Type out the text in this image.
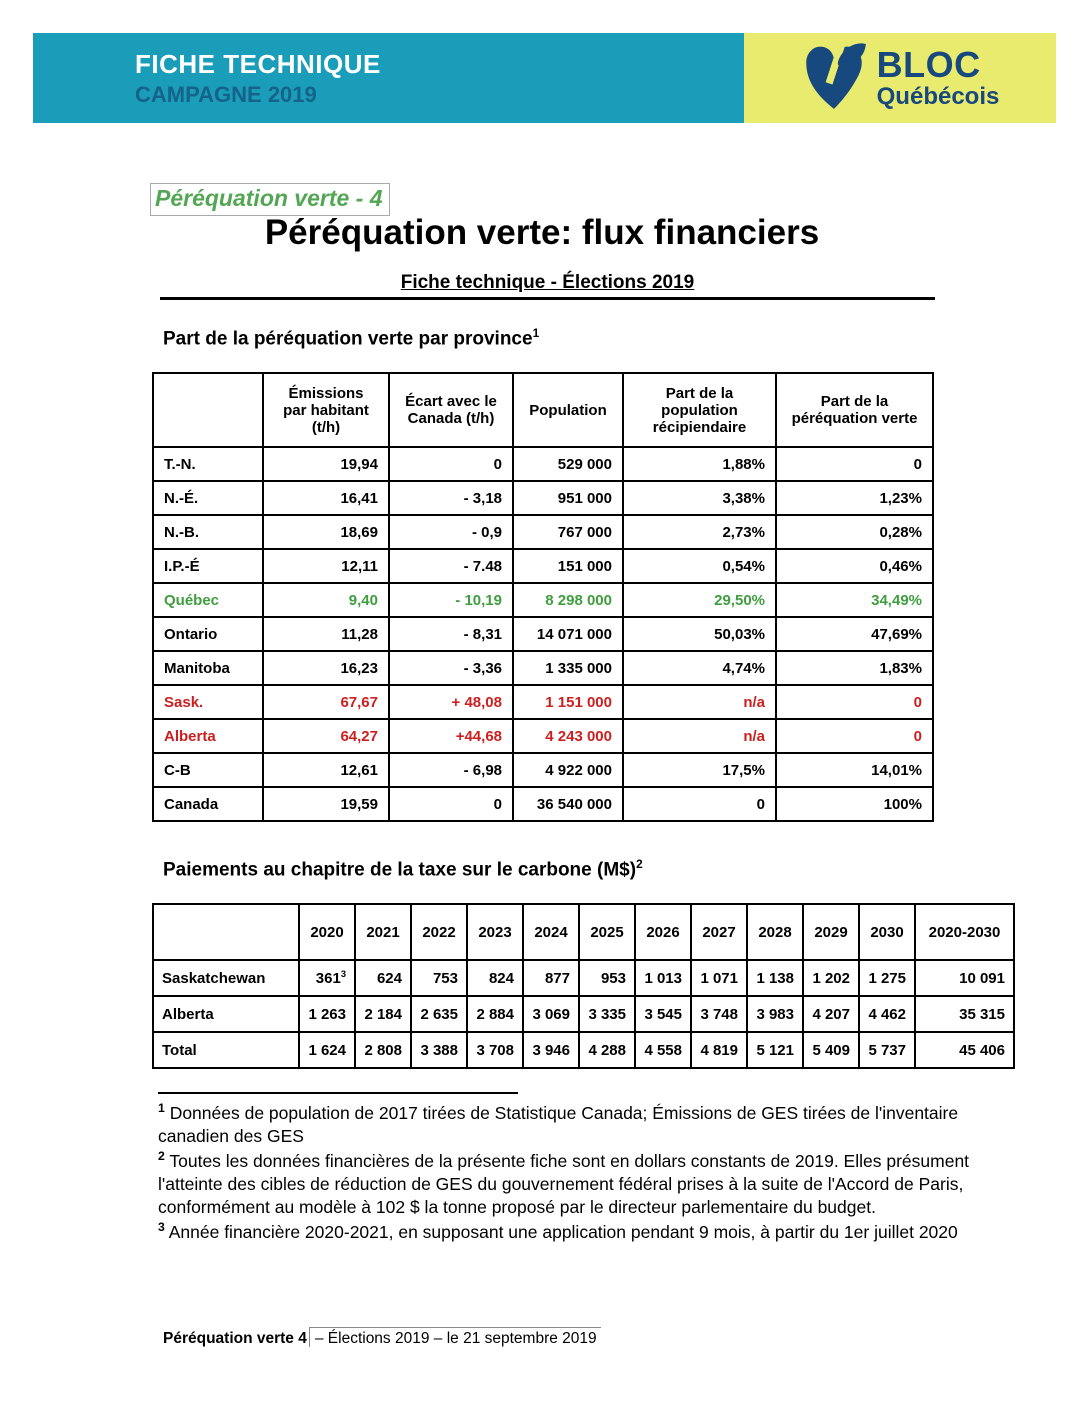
FICHE TECHNIQUE
CAMPAGNE 2019
BLOC
Québécois
Péréquation verte - 4
Péréquation verte: flux financiers
Fiche technique - Élections 2019
Part de la péréquation verte par province$^1$
	Émissions par habitant (t/h)	Écart avec le Canada (t/h)	Population	Part de la population récipiendaire	Part de la péréquation verte
T.-N.	19,94	0	529 000	1,88%	0
N.-É.	16,41	- 3,18	951 000	3,38%	1,23%
N.-B.	18,69	- 0,9	767 000	2,73%	0,28%
I.P.-É	12,11	- 7.48	151 000	0,54%	0,46%
Québec	9,40	- 10,19	8 298 000	29,50%	34,49%
Ontario	11,28	- 8,31	14 071 000	50,03%	47,69%
Manitoba	16,23	- 3,36	1 335 000	4,74%	1,83%
Sask.	67,67	+ 48,08	1 151 000	n/a	0
Alberta	64,27	+44,68	4 243 000	n/a	0
C-B	12,61	- 6,98	4 922 000	17,5%	14,01%
Canada	19,59	0	36 540 000	0	100%
Paiements au chapitre de la taxe sur le carbone (M$)$^2$
	2020	2021	2022	2023	2024	2025	2026	2027	2028	2029	2030	2020-2030
Saskatchewan	$361^3$	624	753	824	877	953	1 013	1 071	1 138	1 202	1 275	10 091
Alberta	1 263	2 184	2 635	2 884	3 069	3 335	3 545	3 748	3 983	4 207	4 462	35 315
Total	1 624	2 808	3 388	3 708	3 946	4 288	4 558	4 819	5 121	5 409	5 737	45 406

$^1$ Données de population de 2017 tirées de Statistique Canada; Émissions de GES tirées de l'inventaire canadien des GES

$^2$ Toutes les données financières de la présente fiche sont en dollars constants de 2019. Elles présument l'atteinte des cibles de réduction de GES du gouvernement fédéral prises à la suite de l'Accord de Paris, conformément au modèle à 102 $ la tonne proposé par le directeur parlementaire du budget.

$^3$ Année financière 2020-2021, en supposant une application pendant 9 mois, à partir du 1er juillet 2020

Péréquation verte 4 – Élections 2019 – le 21 septembre 2019
